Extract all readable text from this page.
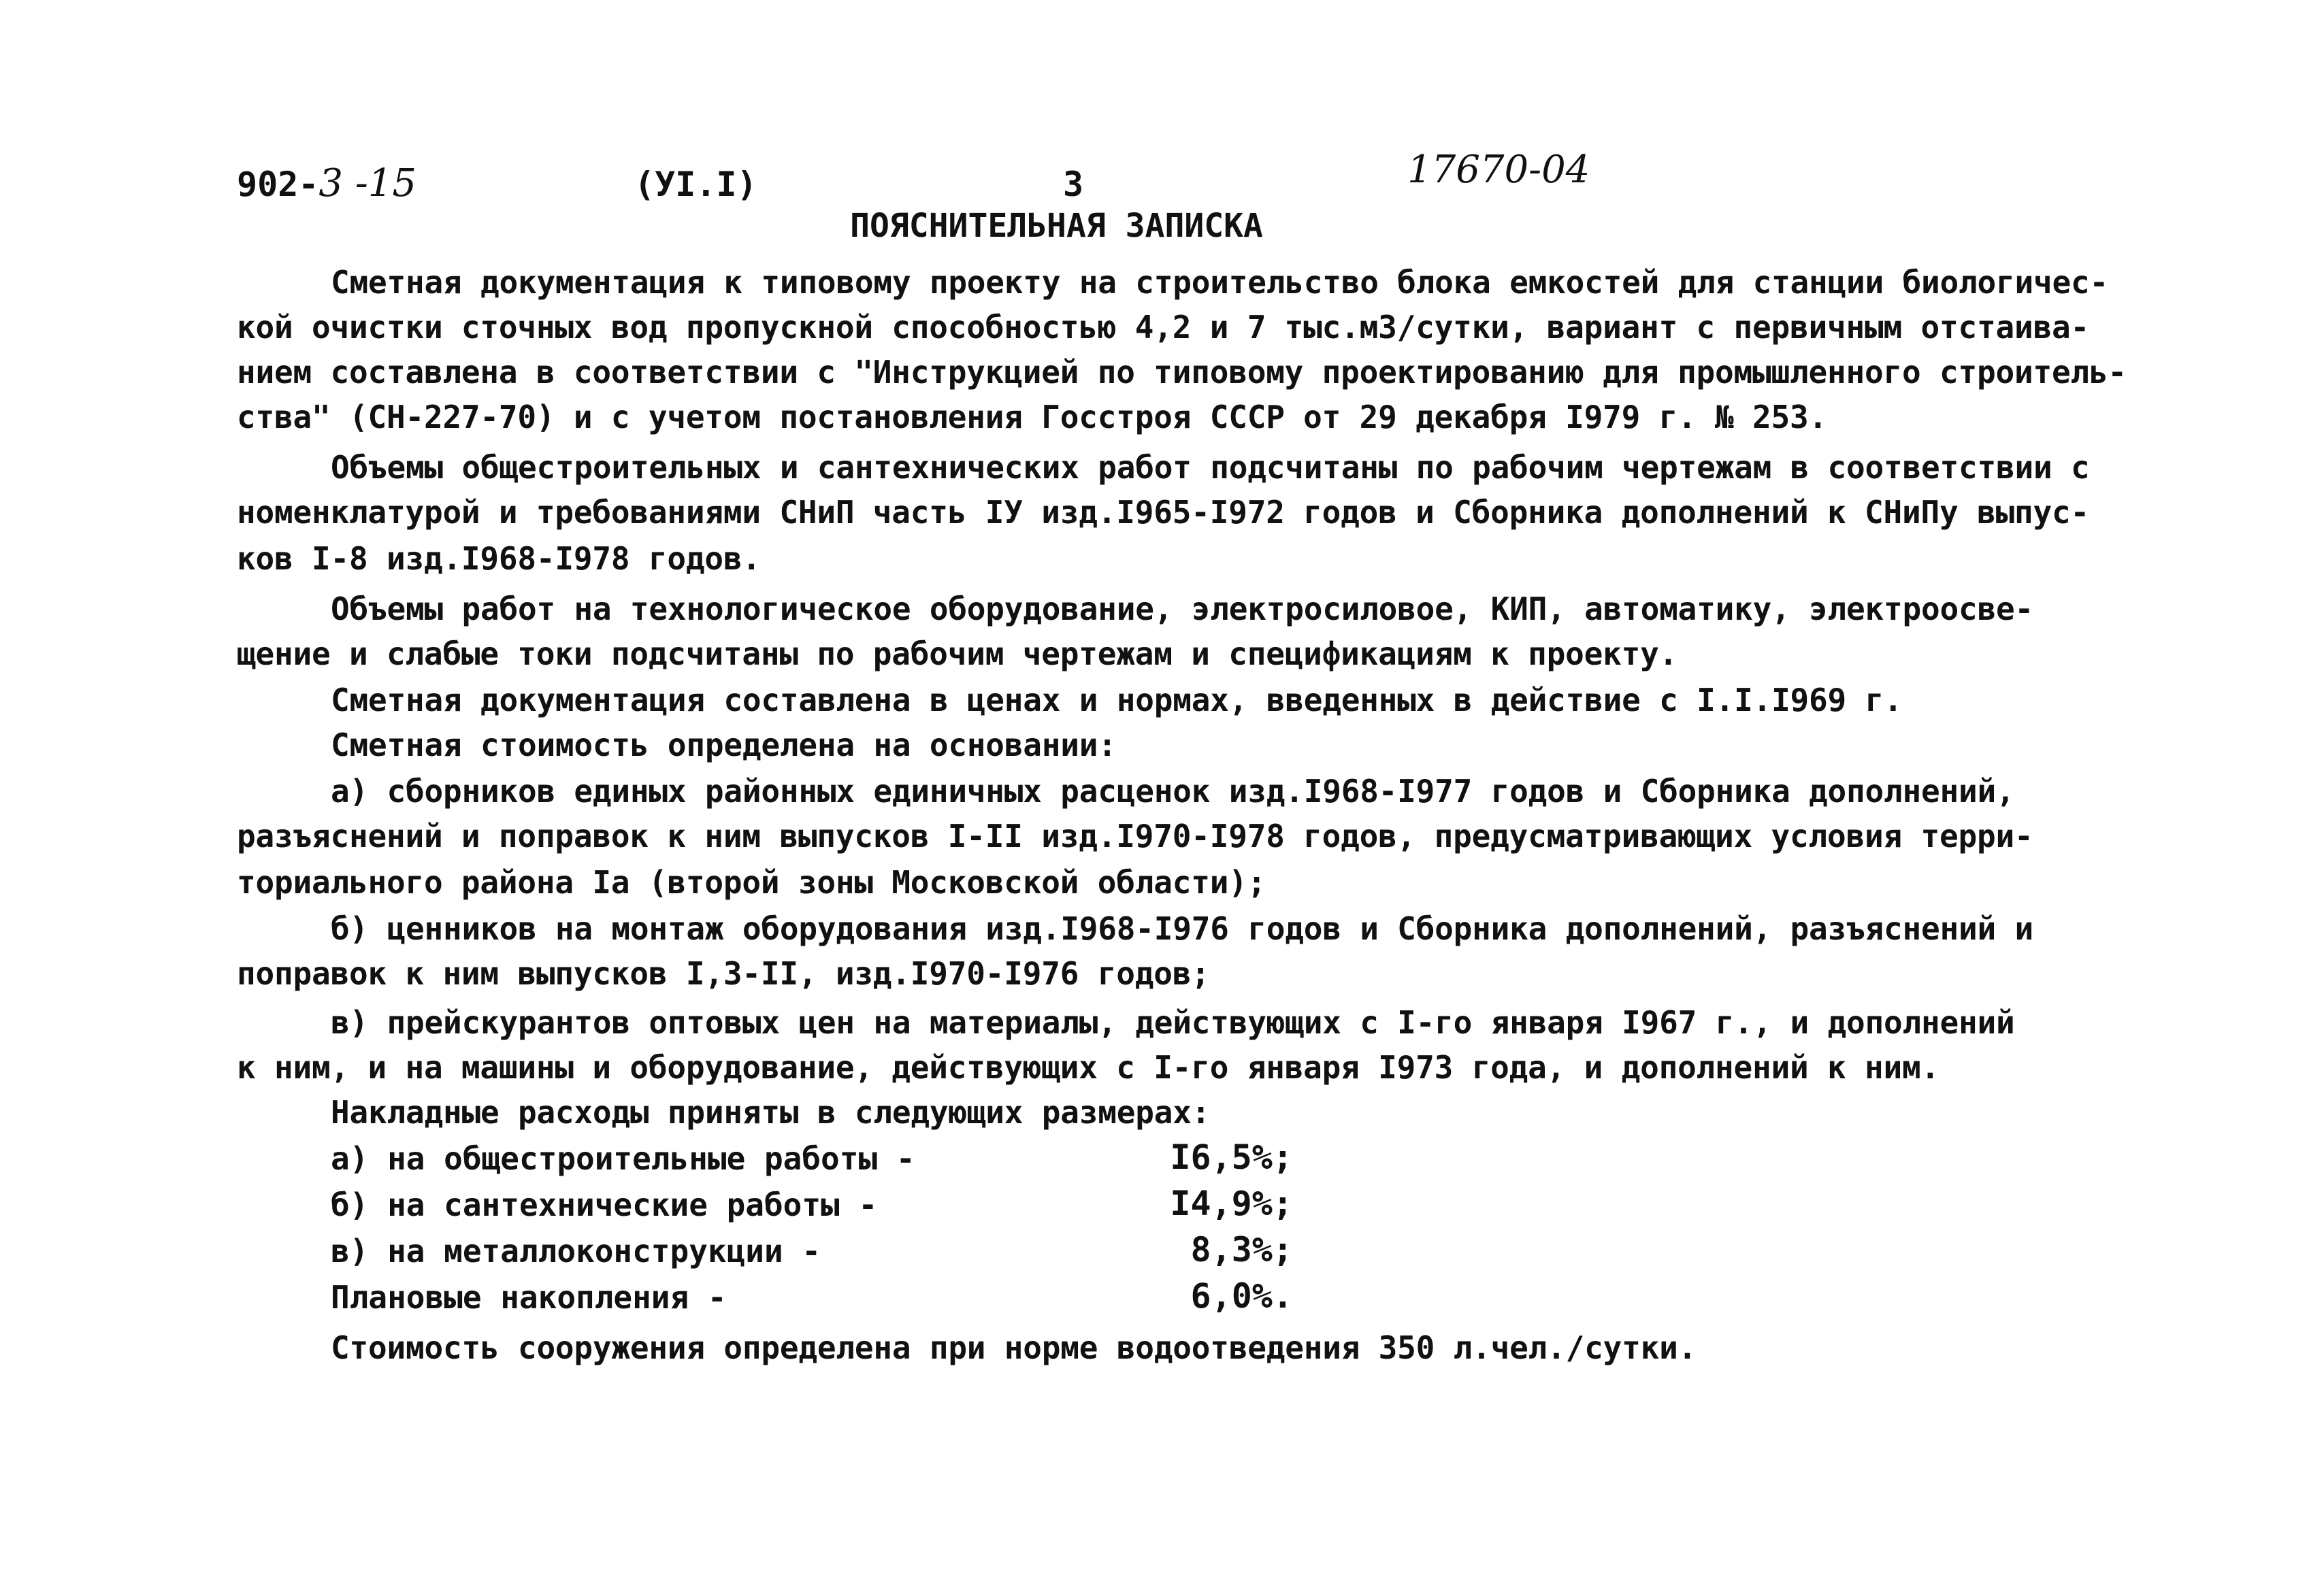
902-3 -15	(УI.I)	3	17670-04
ПОЯСНИТЕЛЬНАЯ ЗАПИСКА
Сметная документация к типовому проекту на строительство блока емкостей для станции биологичес-
кой очистки сточных вод пропускной способностью 4,2 и 7 тыс.м3/сутки, вариант с первичным отстаива-
нием составлена в соответствии с "Инструкцией по типовому проектированию для промышленного строитель-
ства" (СН-227-70) и с учетом постановления Госстроя СССР от 29 декабря I979 г. № 253.
Объемы общестроительных и сантехнических работ подсчитаны по рабочим чертежам в соответствии с
номенклатурой и требованиями СНиП часть IУ изд.I965-I972 годов и Сборника дополнений к СНиПу выпус-
ков I-8 изд.I968-I978 годов.
Объемы работ на технологическое оборудование, электросиловое, КИП, автоматику, электроосве-
щение и слабые токи подсчитаны по рабочим чертежам и спецификациям к проекту.
Сметная документация составлена в ценах и нормах, введенных в действие с I.I.I969 г.
Сметная стоимость определена на основании:
а) сборников единых районных единичных расценок изд.I968-I977 годов и Сборника дополнений,
разъяснений и поправок к ним выпусков I-II изд.I970-I978 годов, предусматривающих условия терри-
ториального района Iа (второй зоны Московской области);
б) ценников на монтаж оборудования изд.I968-I976 годов и Сборника дополнений, разъяснений и
поправок к ним выпусков I,3-II, изд.I970-I976 годов;
в) прейскурантов оптовых цен на материалы, действующих с I-го января I967 г., и дополнений
к ним, и на машины и оборудование, действующих с I-го января I973 года, и дополнений к ним.
Накладные расходы приняты в следующих размерах:
а) на общестроительные работы -	I6,5%;
б) на сантехнические работы -	I4,9%;
в) на металлоконструкции -	8,3%;
Плановые накопления -	6,0%.
Стоимость сооружения определена при норме водоотведения 350 л.чел./сутки.
